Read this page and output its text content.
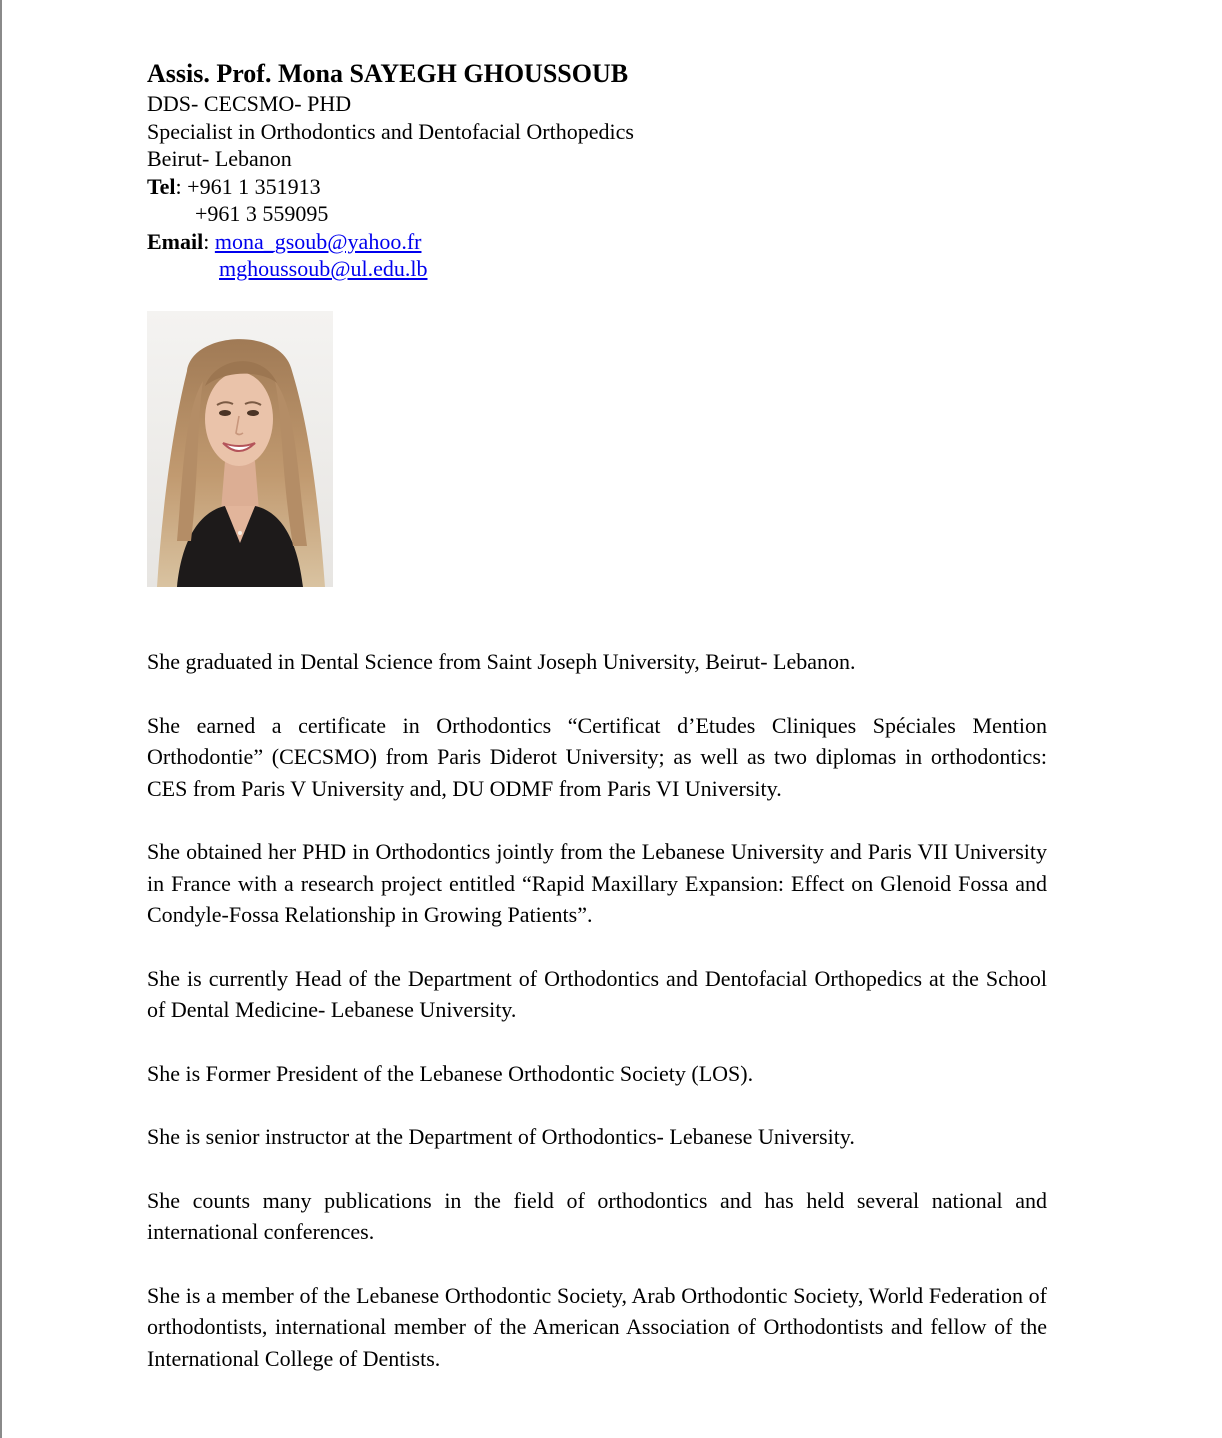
Assis. Prof. Mona SAYEGH GHOUSSOUB
DDS- CECSMO- PHD
Specialist in Orthodontics and Dentofacial Orthopedics
Beirut- Lebanon
Tel: +961 1 351913
+961 3 559095
Email: mona_gsoub@yahoo.fr
mghoussoub@ul.edu.lb

She graduated in Dental Science from Saint Joseph University, Beirut- Lebanon.

She earned a certificate in Orthodontics “Certificat d’Etudes Cliniques Spéciales Mention Orthodontie” (CECSMO) from Paris Diderot University; as well as two diplomas in orthodontics: CES from Paris V University and, DU ODMF from Paris VI University.

She obtained her PHD in Orthodontics jointly from the Lebanese University and Paris VII University in France with a research project entitled “Rapid Maxillary Expansion: Effect on Glenoid Fossa and Condyle-Fossa Relationship in Growing Patients”.

She is currently Head of the Department of Orthodontics and Dentofacial Orthopedics at the School of Dental Medicine- Lebanese University.

She is Former President of the Lebanese Orthodontic Society (LOS).

She is senior instructor at the Department of Orthodontics- Lebanese University.

She counts many publications in the field of orthodontics and has held several national and international conferences.

She is a member of the Lebanese Orthodontic Society, Arab Orthodontic Society, World Federation of orthodontists, international member of the American Association of Orthodontists and fellow of the International College of Dentists.
